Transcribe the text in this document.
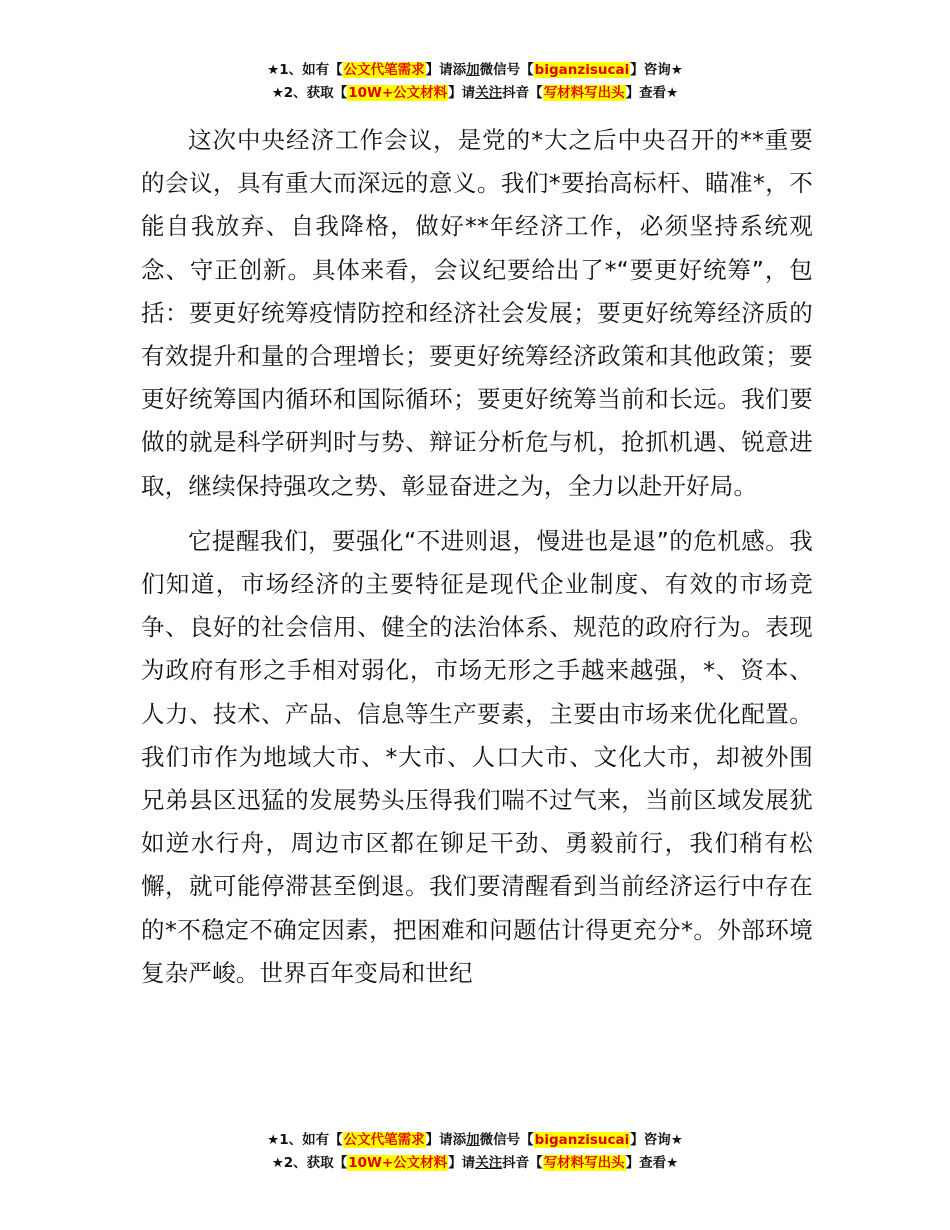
★1、如有【公文代笔需求】请添加微信号【biganzisucai】咨询★
★2、获取【10W+公文材料】请关注抖音【写材料写出头】查看★

这次中央经济工作会议，是党的*大之后中央召开的**重要的会议，具有重大而深远的意义。我们*要抬高标杆、瞄准*，不能自我放弃、自我降格，做好**年经济工作，必须坚持系统观念、守正创新。具体来看，会议纪要给出了*“要更好统筹”，包括：要更好统筹疫情防控和经济社会发展；要更好统筹经济质的有效提升和量的合理增长；要更好统筹经济政策和其他政策；要更好统筹国内循环和国际循环；要更好统筹当前和长远。我们要做的就是科学研判时与势、辩证分析危与机，抢抓机遇、锐意进取，继续保持强攻之势、彰显奋进之为，全力以赴开好局。

它提醒我们，要强化“不进则退，慢进也是退”的危机感。我们知道，市场经济的主要特征是现代企业制度、有效的市场竞争、良好的社会信用、健全的法治体系、规范的政府行为。表现为政府有形之手相对弱化，市场无形之手越来越强，*、资本、人力、技术、产品、信息等生产要素，主要由市场来优化配置。我们市作为地域大市、*大市、人口大市、文化大市，却被外围兄弟县区迅猛的发展势头压得我们喘不过气来，当前区域发展犹如逆水行舟，周边市区都在铆足干劲、勇毅前行，我们稍有松懈，就可能停滞甚至倒退。我们要清醒看到当前经济运行中存在的*不稳定不确定因素，把困难和问题估计得更充分*。外部环境复杂严峻。世界百年变局和世纪

★1、如有【公文代笔需求】请添加微信号【biganzisucai】咨询★
★2、获取【10W+公文材料】请关注抖音【写材料写出头】查看★
